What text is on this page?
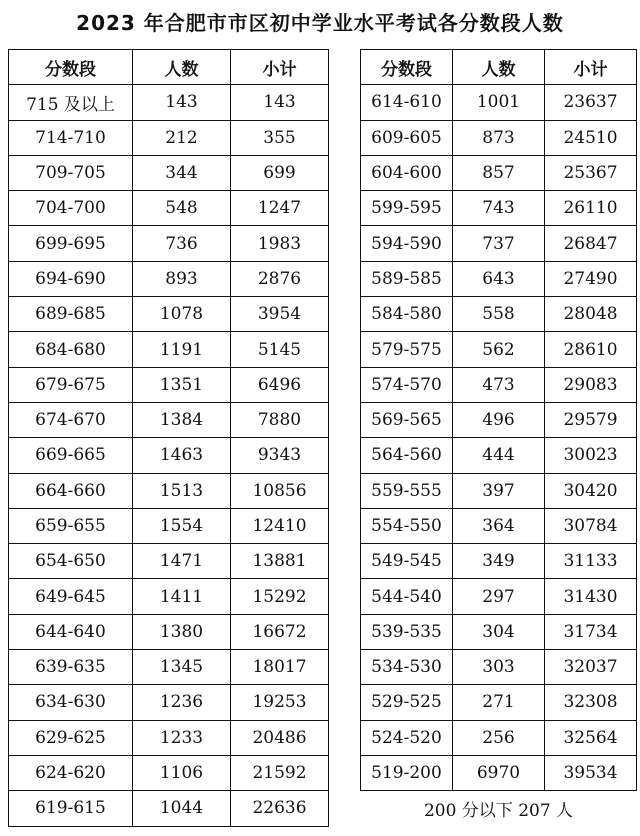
2023 年合肥市市区初中学业水平考试各分数段人数
分数段	人数	小计
715 及以上	143	143
714-710	212	355
709-705	344	699
704-700	548	1247
699-695	736	1983
694-690	893	2876
689-685	1078	3954
684-680	1191	5145
679-675	1351	6496
674-670	1384	7880
669-665	1463	9343
664-660	1513	10856
659-655	1554	12410
654-650	1471	13881
649-645	1411	15292
644-640	1380	16672
639-635	1345	18017
634-630	1236	19253
629-625	1233	20486
624-620	1106	21592
619-615	1044	22636
分数段	人数	小计
614-610	1001	23637
609-605	873	24510
604-600	857	25367
599-595	743	26110
594-590	737	26847
589-585	643	27490
584-580	558	28048
579-575	562	28610
574-570	473	29083
569-565	496	29579
564-560	444	30023
559-555	397	30420
554-550	364	30784
549-545	349	31133
544-540	297	31430
539-535	304	31734
534-530	303	32037
529-525	271	32308
524-520	256	32564
519-200	6970	39534
200 分以下 207 人		
